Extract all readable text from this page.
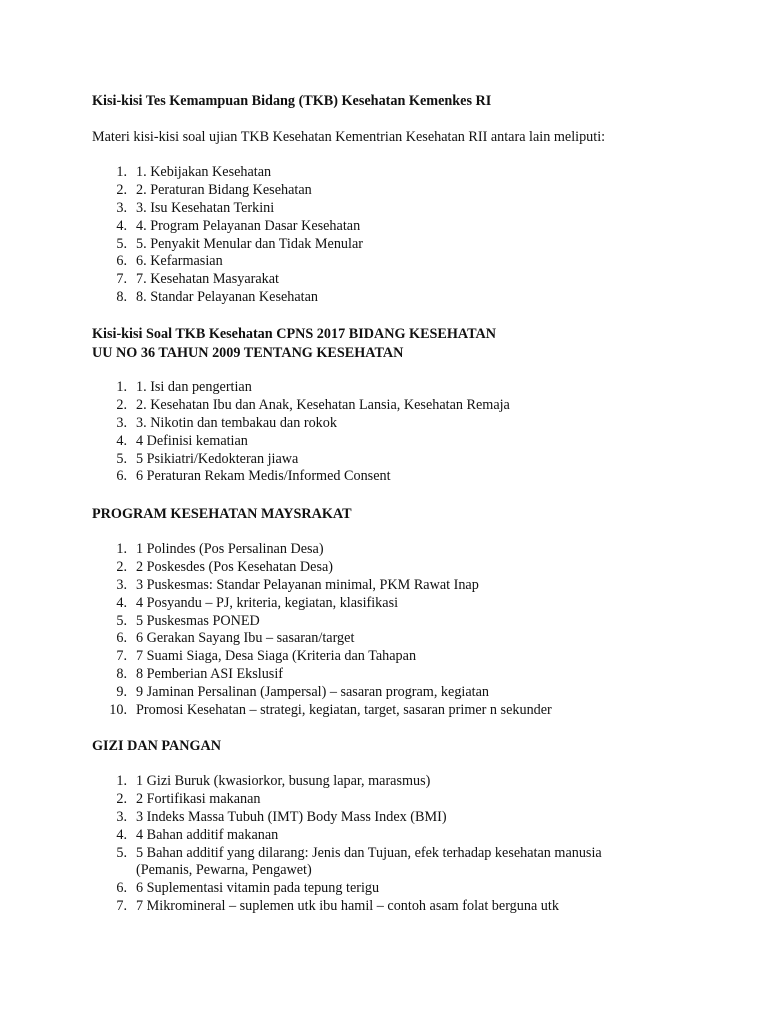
Kisi-kisi Tes Kemampuan Bidang (TKB) Kesehatan Kemenkes RI

Materi kisi-kisi soal ujian TKB Kesehatan Kementrian Kesehatan RII antara lain meliputi:

1. 1. Kebijakan Kesehatan
2. 2. Peraturan Bidang Kesehatan
3. 3. Isu Kesehatan Terkini
4. 4. Program Pelayanan Dasar Kesehatan
5. 5. Penyakit Menular dan Tidak Menular
6. 6. Kefarmasian
7. 7. Kesehatan Masyarakat
8. 8. Standar Pelayanan Kesehatan

Kisi-kisi Soal TKB Kesehatan CPNS 2017 BIDANG KESEHATAN

UU NO 36 TAHUN 2009 TENTANG KESEHATAN

1. 1. Isi dan pengertian
2. 2. Kesehatan Ibu dan Anak, Kesehatan Lansia, Kesehatan Remaja
3. 3. Nikotin dan tembakau dan rokok
4. 4 Definisi kematian
5. 5 Psikiatri/Kedokteran jiawa
6. 6 Peraturan Rekam Medis/Informed Consent

PROGRAM KESEHATAN MAYSRAKAT

1. 1 Polindes (Pos Persalinan Desa)
2. 2 Poskesdes (Pos Kesehatan Desa)
3. 3 Puskesmas: Standar Pelayanan minimal, PKM Rawat Inap
4. 4 Posyandu – PJ, kriteria, kegiatan, klasifikasi
5. 5 Puskesmas PONED
6. 6 Gerakan Sayang Ibu – sasaran/target
7. 7 Suami Siaga, Desa Siaga (Kriteria dan Tahapan
8. 8 Pemberian ASI Ekslusif
9. 9 Jaminan Persalinan (Jampersal) – sasaran program, kegiatan
10. Promosi Kesehatan – strategi, kegiatan, target, sasaran primer n sekunder

GIZI DAN PANGAN

1. 1 Gizi Buruk (kwasiorkor, busung lapar, marasmus)
2. 2 Fortifikasi makanan
3. 3 Indeks Massa Tubuh (IMT) Body Mass Index (BMI)
4. 4 Bahan additif makanan
5. 5 Bahan additif yang dilarang: Jenis dan Tujuan, efek terhadap kesehatan manusia
(Pemanis, Pewarna, Pengawet)
6. 6 Suplementasi vitamin pada tepung terigu
7. 7 Mikromineral – suplemen utk ibu hamil – contoh asam folat berguna utk
